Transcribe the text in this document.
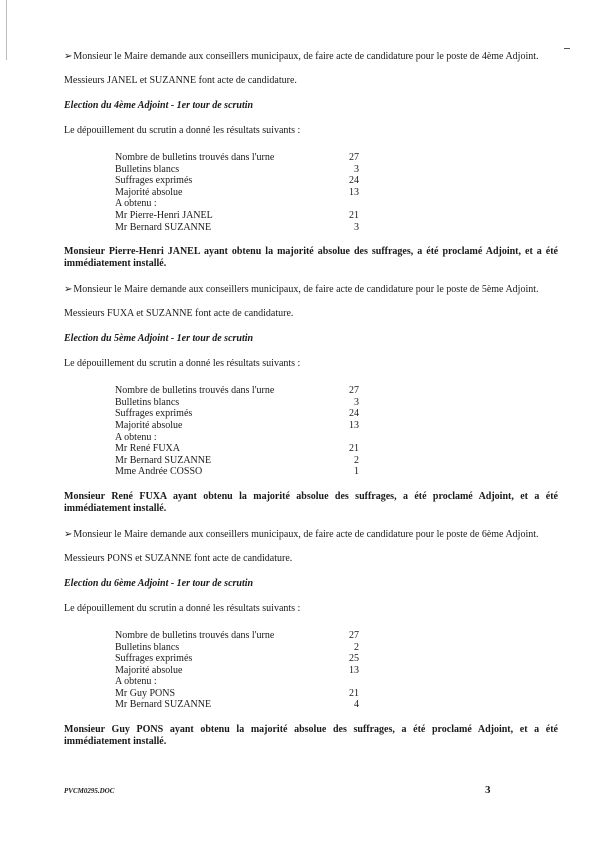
➢Monsieur le Maire demande aux conseillers municipaux, de faire acte de candidature pour le poste de 4ème Adjoint.

Messieurs JANEL et SUZANNE font acte de candidature.

Election du 4ème Adjoint - 1er tour de scrutin

Le dépouillement du scrutin a donné les résultats suivants :

Nombre de bulletins trouvés dans l'urne	27
Bulletins blancs	3
Suffrages exprimés	24
Majorité absolue	13
A obtenu :
Mr Pierre-Henri JANEL	21
Mr Bernard SUZANNE	3

Monsieur Pierre-Henri JANEL ayant obtenu la majorité absolue des suffrages, a été proclamé Adjoint, et a été immédiatement installé.

➢Monsieur le Maire demande aux conseillers municipaux, de faire acte de candidature pour le poste de 5ème Adjoint.

Messieurs FUXA et SUZANNE font acte de candidature.

Election du 5ème Adjoint - 1er tour de scrutin

Le dépouillement du scrutin a donné les résultats suivants :

Nombre de bulletins trouvés dans l'urne	27
Bulletins blancs	3
Suffrages exprimés	24
Majorité absolue	13
A obtenu :
Mr René FUXA	21
Mr Bernard SUZANNE	2
Mme Andrée COSSO	1

Monsieur René FUXA ayant obtenu la majorité absolue des suffrages, a été proclamé Adjoint, et a été immédiatement installé.

➢Monsieur le Maire demande aux conseillers municipaux, de faire acte de candidature pour le poste de 6ème Adjoint.

Messieurs PONS et SUZANNE font acte de candidature.

Election du 6ème Adjoint - 1er tour de scrutin

Le dépouillement du scrutin a donné les résultats suivants :

Nombre de bulletins trouvés dans l'urne	27
Bulletins blancs	2
Suffrages exprimés	25
Majorité absolue	13
A obtenu :
Mr Guy PONS	21
Mr Bernard SUZANNE	4

Monsieur Guy PONS ayant obtenu la majorité absolue des suffrages, a été proclamé Adjoint, et a été immédiatement installé.

PVCM0295.DOC	3
